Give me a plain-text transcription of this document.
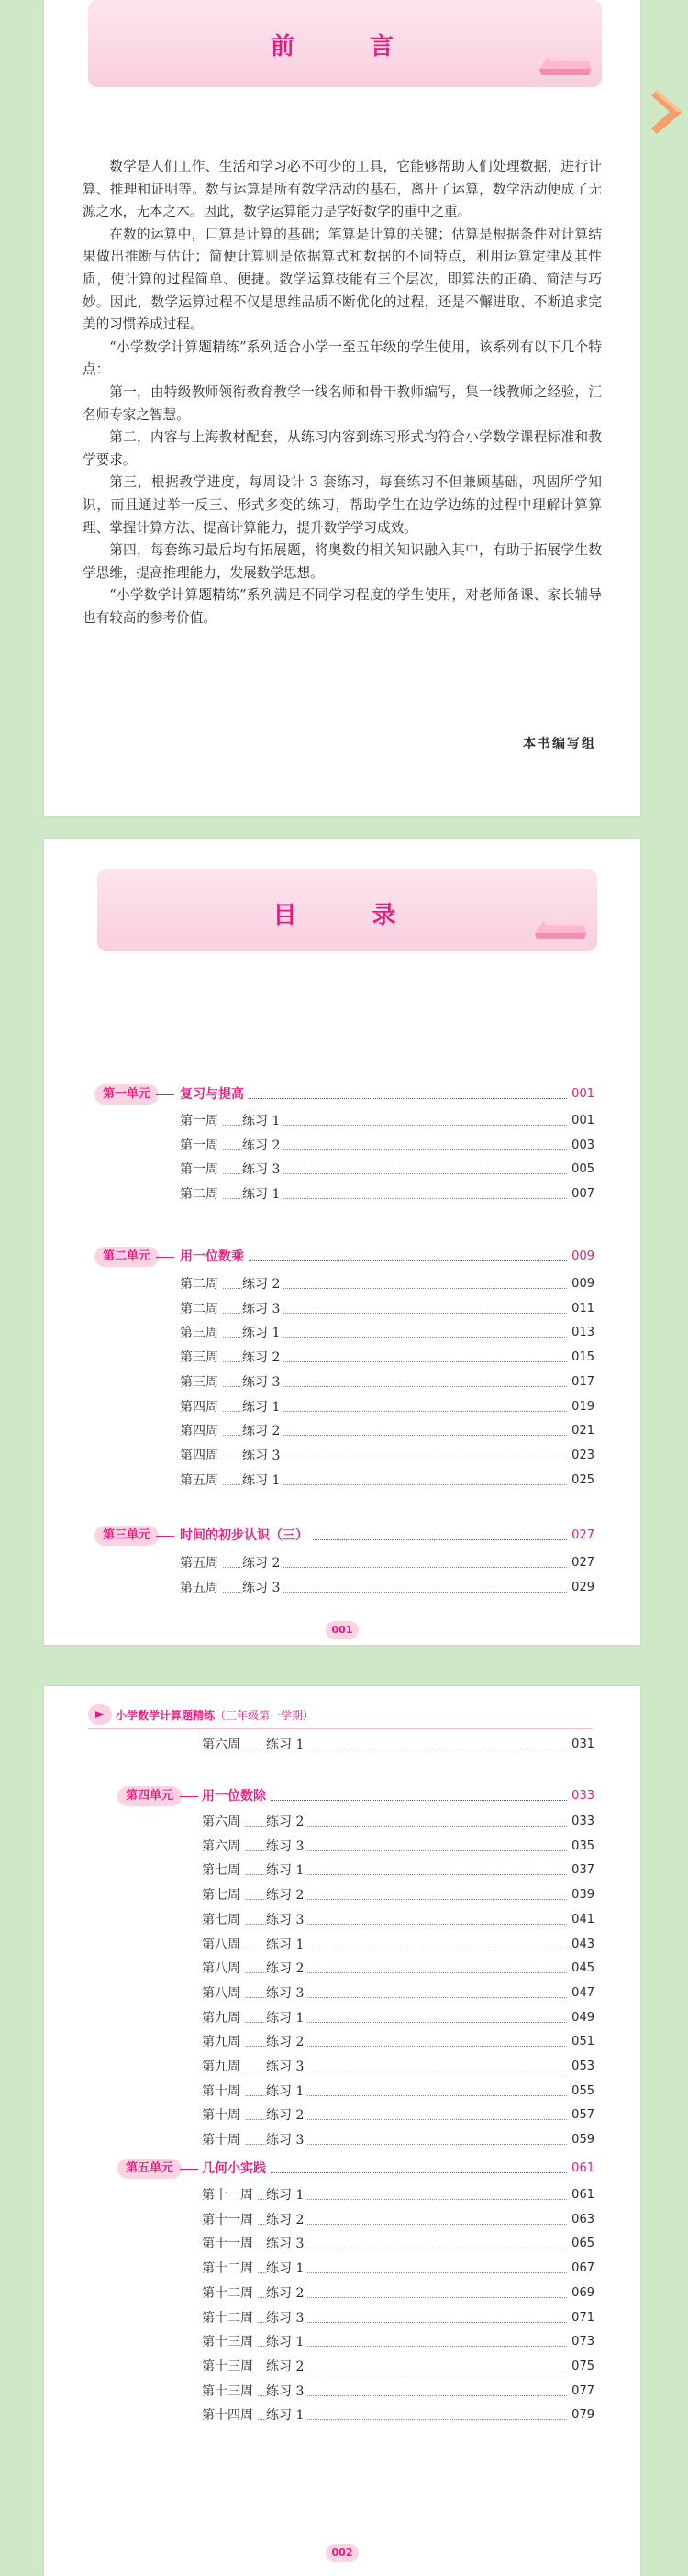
前　言

数学是人们工作、生活和学习必不可少的工具，它能够帮助人们处理数据，进行计算、推理和证明等。数与运算是所有数学活动的基石，离开了运算，数学活动便成了无源之水，无本之木。因此，数学运算能力是学好数学的重中之重。

在数的运算中，口算是计算的基础；笔算是计算的关键；估算是根据条件对计算结果做出推断与估计；简便计算则是依据算式和数据的不同特点，利用运算定律及其性质，使计算的过程简单、便捷。数学运算技能有三个层次，即算法的正确、简洁与巧妙。因此，数学运算过程不仅是思维品质不断优化的过程，还是不懈进取、不断追求完美的习惯养成过程。

“小学数学计算题精练”系列适合小学一至五年级的学生使用，该系列有以下几个特点：

第一，由特级教师领衔教育教学一线名师和骨干教师编写，集一线教师之经验，汇名师专家之智慧。

第二，内容与上海教材配套，从练习内容到练习形式均符合小学数学课程标准和教学要求。

第三，根据教学进度，每周设计 3 套练习，每套练习不但兼顾基础，巩固所学知识，而且通过举一反三、形式多变的练习，帮助学生在边学边练的过程中理解计算算理、掌握计算方法、提高计算能力，提升数学学习成效。

第四，每套练习最后均有拓展题，将奥数的相关知识融入其中，有助于拓展学生数学思维，提高推理能力，发展数学思想。

“小学数学计算题精练”系列满足不同学习程度的学生使用，对老师备课、家长辅导也有较高的参考价值。

本书编写组
目　录
第一单元	复习与提高	001
第一周 练习 1	001
第一周 练习 2	003
第一周 练习 3	005
第二周 练习 1	007
第二单元	用一位数乘	009
第二周 练习 2	009
第二周 练习 3	011
第三周 练习 1	013
第三周 练习 2	015
第三周 练习 3	017
第四周 练习 1	019
第四周 练习 2	021
第四周 练习 3	023
第五周 练习 1	025
第三单元	时间的初步认识（三）	027
第五周 练习 2	027
第五周 练习 3	029
001
小学数学计算题精练（三年级第一学期）
第六周 练习 1	031
第四单元	用一位数除	033
第六周 练习 2	033
第六周 练习 3	035
第七周 练习 1	037
第七周 练习 2	039
第七周 练习 3	041
第八周 练习 1	043
第八周 练习 2	045
第八周 练习 3	047
第九周 练习 1	049
第九周 练习 2	051
第九周 练习 3	053
第十周 练习 1	055
第十周 练习 2	057
第十周 练习 3	059
第五单元	几何小实践	061
第十一周 练习 1	061
第十一周 练习 2	063
第十一周 练习 3	065
第十二周 练习 1	067
第十二周 练习 2	069
第十二周 练习 3	071
第十三周 练习 1	073
第十三周 练习 2	075
第十三周 练习 3	077
第十四周 练习 1	079
002
